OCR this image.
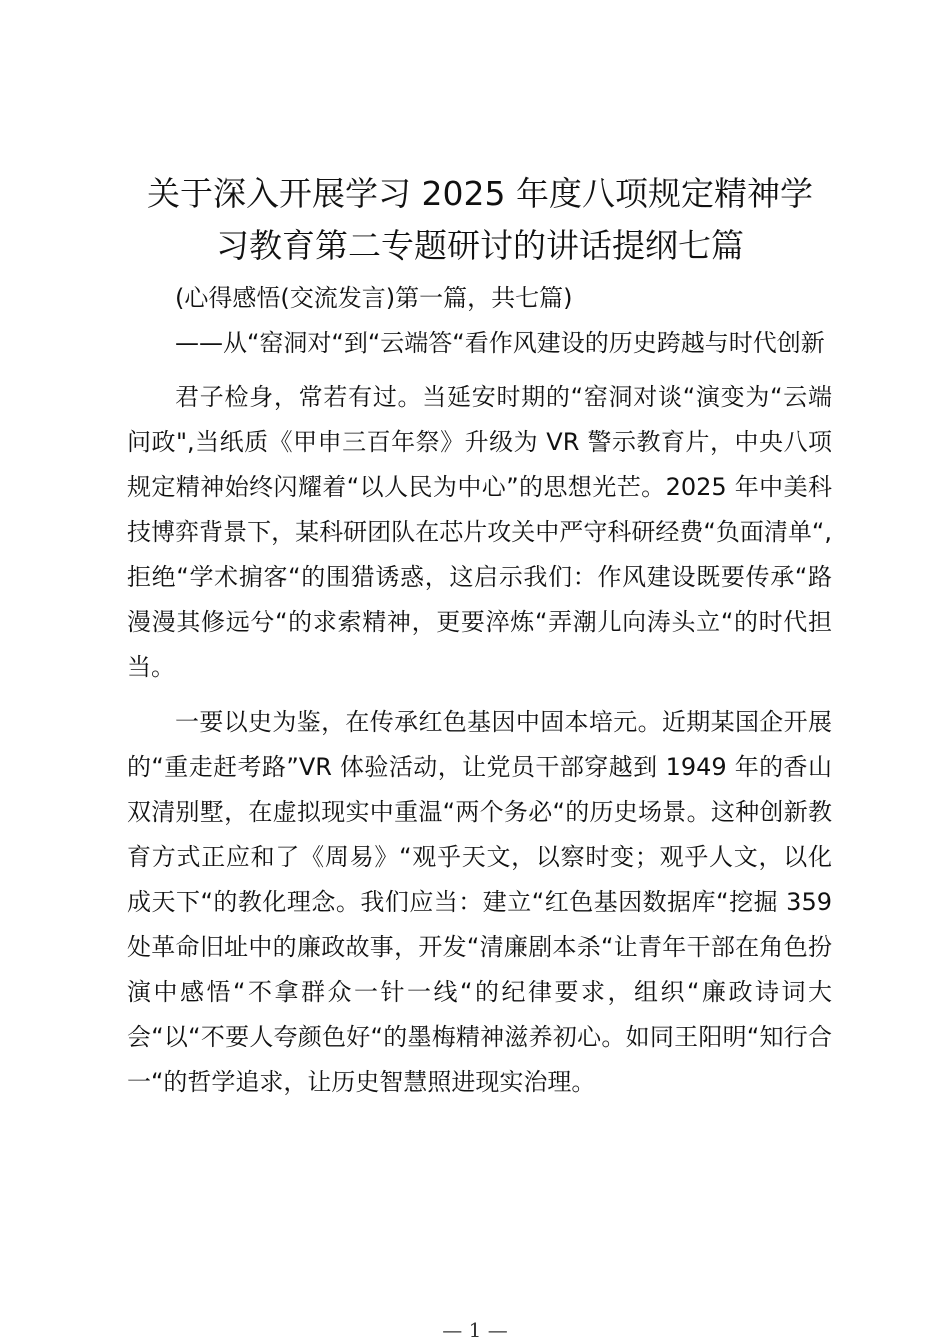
关于深入开展学习 2025 年度八项规定精神学
习教育第二专题研讨的讲话提纲七篇

(心得感悟(交流发言)第一篇，共七篇)

——从“窑洞对“到“云端答“看作风建设的历史跨越与时代创新

君子检身，常若有过。当延安时期的“窑洞对谈“演变为“云端问政",当纸质《甲申三百年祭》升级为 VR 警示教育片，中央八项规定精神始终闪耀着“以人民为中心”的思想光芒。2025 年中美科技博弈背景下，某科研团队在芯片攻关中严守科研经费“负面清单“,拒绝“学术掮客“的围猎诱惑，这启示我们：作风建设既要传承“路漫漫其修远兮“的求索精神，更要淬炼“弄潮儿向涛头立“的时代担当。

一要以史为鉴，在传承红色基因中固本培元。近期某国企开展的“重走赶考路”VR 体验活动，让党员干部穿越到 1949 年的香山双清别墅，在虚拟现实中重温“两个务必“的历史场景。这种创新教育方式正应和了《周易》“观乎天文，以察时变；观乎人文，以化成天下“的教化理念。我们应当：建立“红色基因数据库“挖掘 359 处革命旧址中的廉政故事，开发“清廉剧本杀“让青年干部在角色扮演中感悟“不拿群众一针一线“的纪律要求，组织“廉政诗词大会“以“不要人夸颜色好“的墨梅精神滋养初心。如同王阳明“知行合一“的哲学追求，让历史智慧照进现实治理。

— 1 —
